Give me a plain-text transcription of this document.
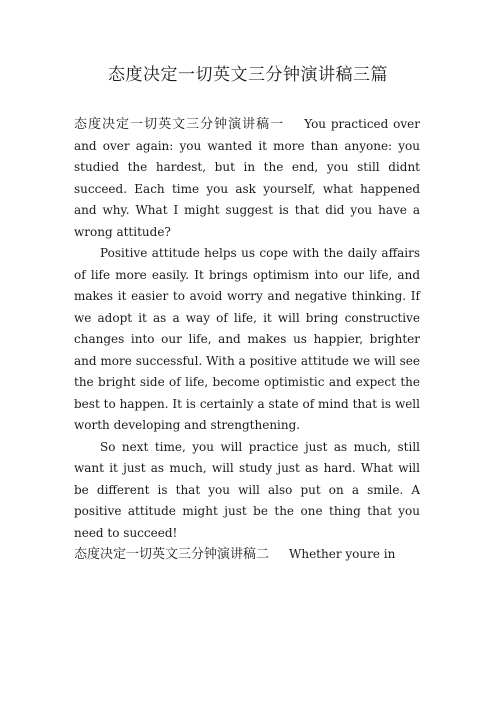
态度决定一切英文三分钟演讲稿三篇

态度决定一切英文三分钟演讲稿一 You practiced over and over again: you wanted it more than anyone: you studied the hardest, but in the end, you still didnt succeed. Each time you ask yourself, what happened and why. What I might suggest is that did you have a wrong attitude?

Positive attitude helps us cope with the daily affairs of life more easily. It brings optimism into our life, and makes it easier to avoid worry and negative thinking. If we adopt it as a way of life, it will bring constructive changes into our life, and makes us happier, brighter and more successful. With a positive attitude we will see the bright side of life, become optimistic and expect the best to happen. It is certainly a state of mind that is well worth developing and strengthening.

So next time, you will practice just as much, still want it just as much, will study just as hard. What will be different is that you will also put on a smile. A positive attitude might just be the one thing that you need to succeed!

态度决定一切英文三分钟演讲稿二 Whether youre in
